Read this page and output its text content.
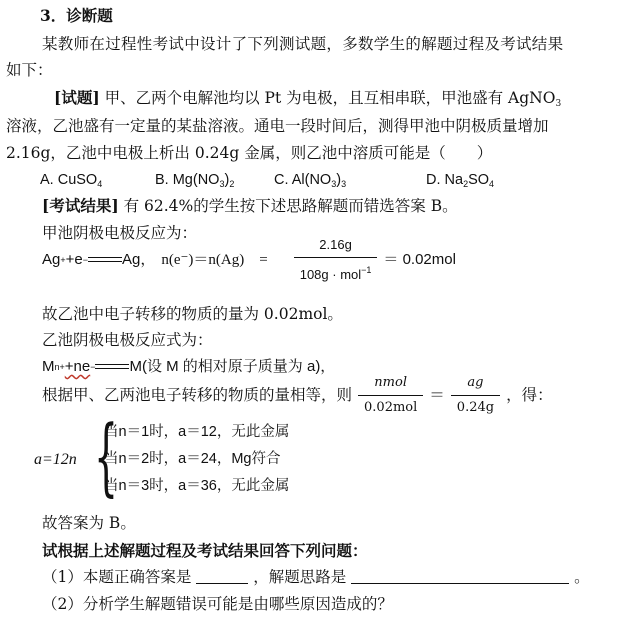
3．诊断题
某教师在过程性考试中设计了下列测试题，多数学生的解题过程及考试结果
如下：
[试题] 甲、乙两个电解池均以 Pt 为电极，且互相串联，甲池盛有 AgNO$_3$
溶液，乙池盛有一定量的某盐溶液。通电一段时间后，测得甲池中阴极质量增加
2.16g，乙池中电极上析出 0.24g 金属，则乙池中溶质可能是（　　）
A. CuSO$_4$	B. $Mg(NO_3)_2$	C. $Al(NO_3)_3$	D. $Na_2SO_4$
[考试结果] 有 62.4%的学生按下述思路解题而错选答案 B。
甲池阴极电极反应为：
Ag + +e − Ag， n(e⁻)＝n(Ag)　= $\frac{2.16g}{108g \cdot mol^{-1}} = 0.02mol$
故乙池中电子转移的物质的量为 0.02mol。
乙池阴极电极反应式为：
M n+ +ne − M(设 M 的相对原子质量为 a)，
根据甲、乙两池电子转移的物质的量相等，则 $\frac{\text{nmol}}{\text{0.02mol}} = \frac{ag}{0.24g}$ ，得：
a=12n {
当n＝1时，a＝12，无此金属
当n＝2时，a＝24，Mg符合
当n＝3时，a＝36，无此金属
故答案为 B。
试根据上述解题过程及考试结果回答下列问题：
（1）本题正确答案是	，解题思路是	。
（2）分析学生解题错误可能是由哪些原因造成的？
